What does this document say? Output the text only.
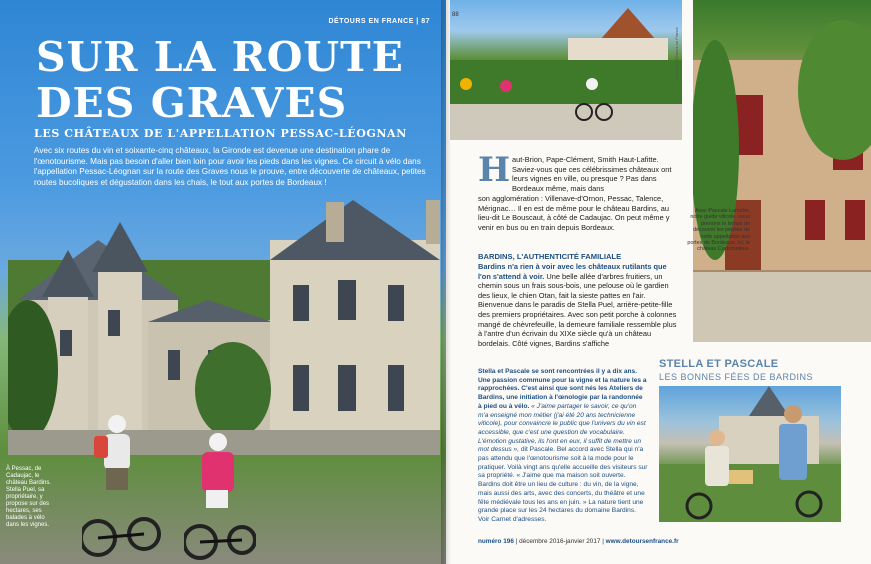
DÉTOURS EN FRANCE | 87
SUR LA ROUTE
DES GRAVES
LES CHÂTEAUX DE L'APPELLATION PESSAC-LÉOGNAN
Avec six routes du vin et soixante-cinq châteaux, la Gironde est devenue une destination phare de l'œnotourisme. Mais pas besoin d'aller bien loin pour avoir les pieds dans les vignes. Ce circuit à vélo dans l'appellation Pessac-Léognan sur la route des Graves nous le prouve, entre découverte de châteaux, petites routes bucoliques et dégustation dans les chais, le tout aux portes de Bordeaux !
À Pessac, de Cadaujac, le château Bardins. Stella Puel, sa propriétaire, y propose sur des hectares, ses balades à vélo dans les vignes.
88
Photos © Détours en France
H aut-Brion, Pape-Clément, Smith Haut-Lafitte. Saviez-vous que ces célébrissimes châteaux ont leurs vignes en ville, ou presque ? Pas dans Bordeaux même, mais dans
son agglomération : Villenave-d'Ornon, Pessac, Talence, Mérignac… Il en est de même pour le château Bardins, au lieu-dit Le Bouscaut, à côté de Cadaujac. On peut même y venir en bus ou en train depuis Bordeaux.
BARDINS, L'AUTHENTICITÉ FAMILIALE
Bardins n'a rien à voir avec les châteaux rutilants que l'on s'attend à voir. Une belle allée d'arbres fruitiers, un chemin sous un frais sous-bois, une pelouse où le gardien des lieux, le chien Otan, fait la sieste pattes en l'air. Bienvenue dans le paradis de Stella Puel, arrière-petite-fille des premiers propriétaires. Avec son petit porche à colonnes mangé de chèvrefeuille, la demeure familiale ressemble plus à l'antre d'un écrivain du XIXe siècle qu'à un château bordelais. Côté vignes, Bardins s'affiche
Avec Pascale Laroche, notre guide viticole, nous prenons le temps de découvrir les pépites de cette appellation aux portes de Bordeaux. Ici, le château Carbonnieux.
Stella et Pascale se sont rencontrées il y a dix ans. Une passion commune pour la vigne et la nature les a rapprochées. C'est ainsi que sont nés les Ateliers de Bardins, une initiation à l'œnologie par la randonnée à pied ou à vélo. « J'aime partager le savoir, ce qu'on m'a enseigné mon métier (j'ai été 20 ans technicienne viticole), pour convaincre le public que l'univers du vin est accessible, que c'est une question de vocabulaire. L'émotion gustative, ils l'ont en eux, il suffit de mettre un mot dessus », dit Pascale. Bel accord avec Stella qui n'a pas attendu que l'œnotourisme soit à la mode pour le pratiquer. Voilà vingt ans qu'elle accueille des visiteurs sur sa propriété. « J'aime que ma maison soit ouverte. Bardins doit être un lieu de culture : du vin, de la vigne, mais aussi des arts, avec des concerts, du théâtre et une fête médiévale tous les ans en juin. » La nature tient une grande place sur les 24 hectares du domaine Bardins. Voir Carnet d'adresses.
STELLA ET PASCALE
LES BONNES FÉES DE BARDINS
numéro 196 | décembre 2016-janvier 2017 | www.detoursenfrance.fr
